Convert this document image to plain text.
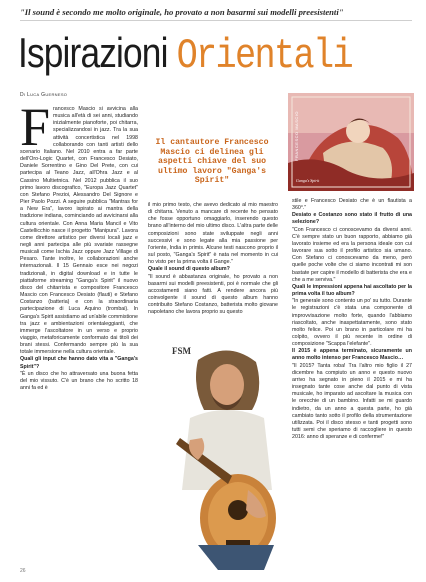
"Il sound è secondo me molto originale, ho provato a non basarmi sui modelli preesistenti"
Ispirazioni Orientali
Di Luca Guerneso

Francesco Mascio si avvicina alla musica all'età di sei anni, studiando inizialmente pianoforte, poi chitarra, specializzandosi in jazz. Tra la sua attività concertistica nel 1998 collaborando con tanti artisti dello scenario Italiano. Nel 2010 entra a far parte dell'Oro-Logic Quartet, con Francesco Desiato, Daniele Sorrentino e Gino Del Prete, con cui partecipa al Teano Jazz, all'Ohra Jazz e al Cassino Multietnica. Nel 2012 pubblica il suo primo lavoro discografico, "Europa Jazz Quartet" con Stefano Prezioi, Alessandro Del Signore e Pier Paolo Pozzi. A seguire pubblica "Mantras for a New Era", lavoro ispirato ai mantra della tradizione indiana, cominciando ad avvicinarsi alla cultura orientale. Con Anna Maria Mancil e Vito Castellicchio nasce il progetto "Manipura". Lavora come direttore artistico per diversi locali jazz e negli anni partecipa alle più svariate rassegne musicali come Ischia Jazz oppure Jazz Village di Pesaro. Tante inoltre, le collaborazioni anche internazionali. Il 15 Gennaio esce nei negozi tradizionali, in digital download e in tutte le piattaforme streaming "Ganga's Spirit" il nuovo disco del chitarrista e compositore Francesco Mascio con Francesco Desiato (flauti) e Stefano Costanzo (batteria) e con la straordinaria partecipazione di Luca Aquino (trombai). In Ganga's Spirit assistiamo ad un'abile commistione tra jazz e ambientazioni orientaleggianti, che immerge l'ascoltatore in un verso e proprio viaggio, metaforicamente conformato dai titoli dei brani stessi. Confermando sempre più la sua totale immersione nella cultura orientale.

Quali gli input che hanno dato vita a "Ganga's Spirit"?

"È un disco che ho attraversato una buona fetta del mio vissuto. C'è un brano che ho scritto 18 anni fa ed è

Il cantautore Francesco Mascio ci delinea gli aspetti chiave del suo ultimo lavoro "Ganga's Spirit"

il mio primo testo, che avevo dedicato al mio maestro di chitarra. Venuto a mancare di recente ho pensato che fosse opportuno omaggiarlo, inserendo questo brano all'interno del mio ultimo disco. L'altra parte delle composizioni sono state sviluppate negli anni successivi e sono legate alla mia passione per l'oriente, India in primis. Alcune testi nascono proprio il sul posto, "Ganga's Spirit" è nata nel momento in cui ho visto per la prima volta il Gange."

Quale il sound di questo album?

"Il sound è abbastanza originale, ho provato a non basarmi sui modelli preesistenti, poi è normale che gli accostamenti siano fatti. A rendere ancora più coinvolgente il sound di questo album hanno contribuito Stefano Costanzo, batterista molto giovane napoletano che lavora proprio su questo

FRANCESCO MASCIO
Ganga's Spirit

stile e Francesco Desiato che è un flautista a 360°."

Desiato e Costanzo sono stato il frutto di una selezione?

"Con Francesco ci conoscevamo da diversi anni. C'è sempre stato un buon rapporto, abbiamo già lavorato insieme ed era la persona ideale con cui lavorare sua sotto il profilo artistico sia umano. Con Stefano ci conoscevamo da meno, però quelle poche volte che ci siamo incontrati mi son bastate per capire il modello di batterista che era e che a me serviva."

Quali le impressioni appena hai ascoltato per la prima volta il tuo album?

"In generale sono contento un po' su tutto. Durante le registrazioni c'è stata una componente di improvvisazione molto forte, quando l'abbiamo riascoltato, anche inaspettatamente, sono stato molto felice. Poi un brano in particolare mi ha colpito, ovvero il più recente in ordine di composizione "Scappa l'elefante".

Il 2015 è appena terminato, sicuramente un anno molto intenso per Francesco Mascio…

"Il 2015? Tanta roba! Tra l'altro mio figlio il 27 dicembre ha compiuto un anno e questo nuovo arrivo ha segnato in pieno il 2015 e mi ha insegnato tante cose anche dal punto di vista musicale, ho imparato ad ascoltare la musica con le orecchie di un bambino. Infatti se mi guardo indietro, da un anno a questa parte, ho già cambiato tanto sotto il profilo della strumentazione utilizzata. Poi il disco stesso e tanti progetti sono tutti semi che speriamo di raccogliere in questo 2016: anno di speranze e di conferme!"

FSM
26
